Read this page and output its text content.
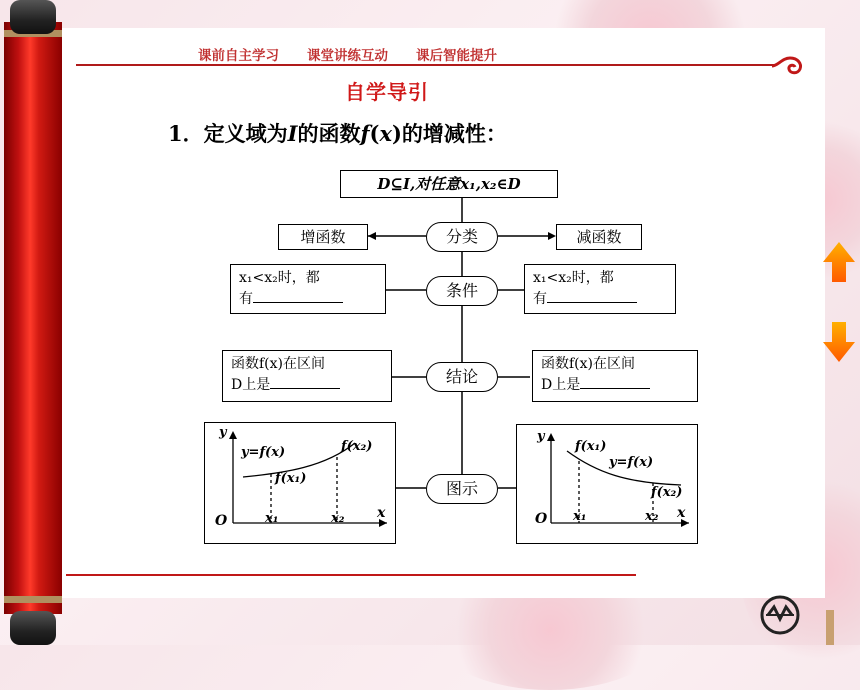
课前自主学习 课堂讲练互动 课后智能提升
自学导引
1．定义域为I的函数f(x)的增减性：
D⊆I,对任意x₁,x₂∈D
分类
条件
结论
图示
增函数	减函数
x₁<x₂时，都
有
x₁<x₂时，都
有
函数f(x)在区间
D上是
函数f(x)在区间
D上是
y
x
O
y=f(x)
f(x₁)
f(x₂)
x₁	x₂
y
x
O
y=f(x)
f(x₁)
f(x₂)
x₁	x₂
